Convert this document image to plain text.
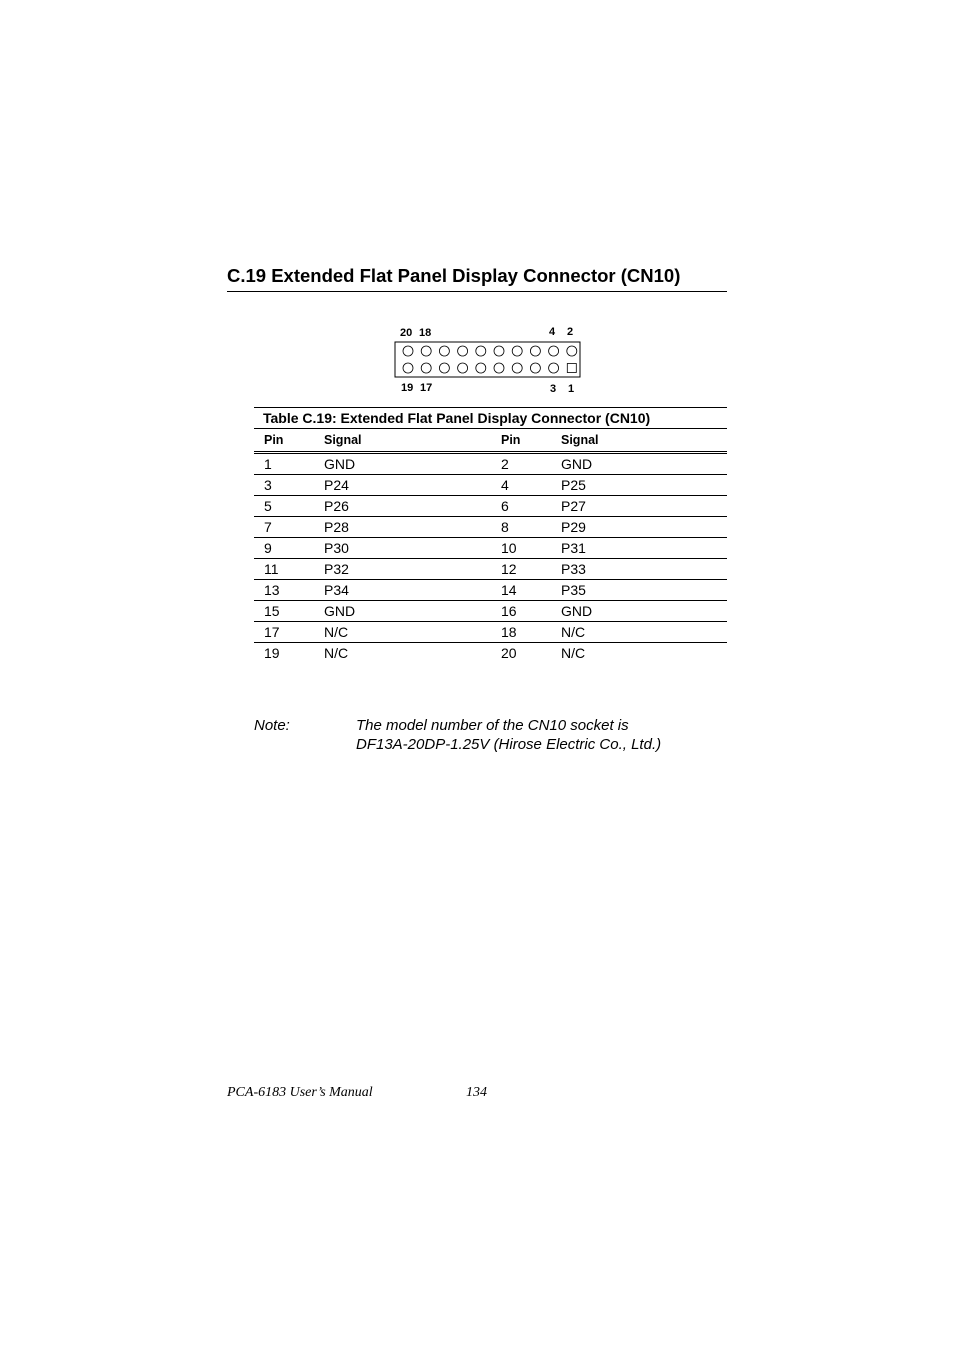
C.19 Extended Flat Panel Display Connector (CN10)
20 18	4 2
19 17	3 1
Table C.19: Extended Flat Panel Display Connector (CN10)
Pin	Signal	Pin	Signal
1	GND	2	GND
3	P24	4	P25
5	P26	6	P27
7	P28	8	P29
9	P30	10	P31
11	P32	12	P33
13	P34	14	P35
15	GND	16	GND
17	N/C	18	N/C
19	N/C	20	N/C
Note:	The model number of the CN10 socket is
DF13A-20DP-1.25V (Hirose Electric Co., Ltd.)
PCA-6183 User’s Manual	134
